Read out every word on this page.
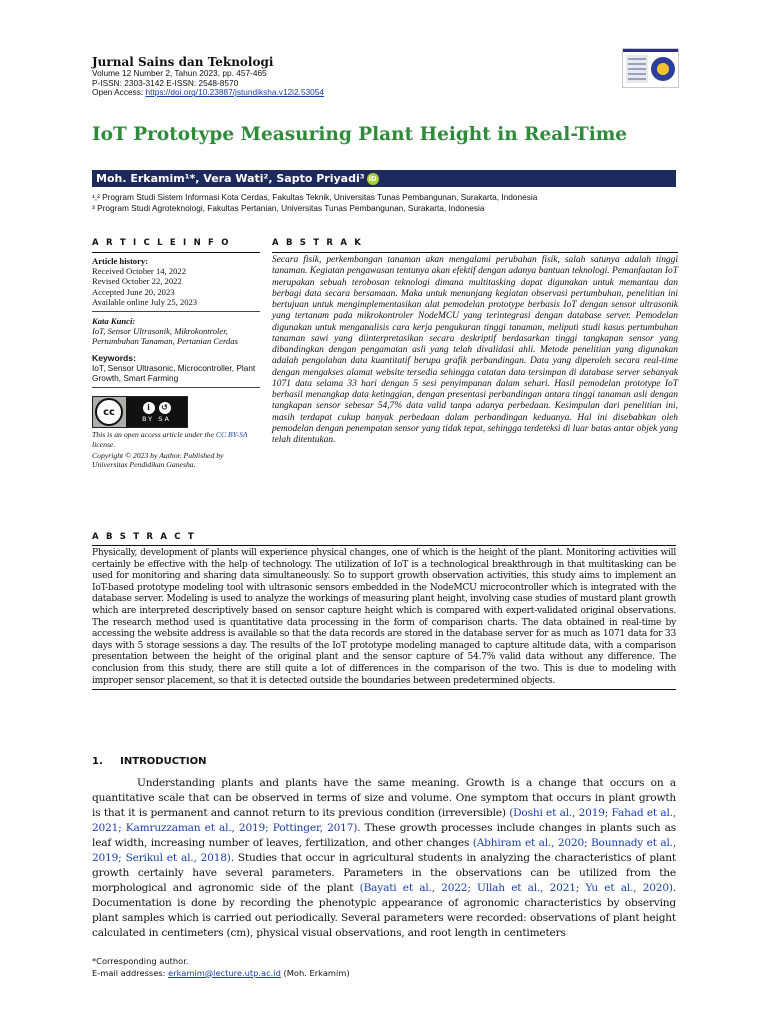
Jurnal Sains dan Teknologi
Volume 12 Number 2, Tahun 2023, pp. 457-465
P-ISSN: 2303-3142 E-ISSN: 2548-8570
Open Access: https://doi.org/10.23887/jstundiksha.v12i2.53054
IoT Prototype Measuring Plant Height in Real-Time
Moh. Erkamim¹*, Vera Wati², Sapto Priyadi³ iD
¹,² Program Studi Sistem Informasi Kota Cerdas, Fakultas Teknik, Universitas Tunas Pembangunan, Surakarta, Indonesia
³ Program Studi Agroteknologi, Fakultas Pertanian, Universitas Tunas Pembangunan, Surakarta, Indonesia
A R T I C L E I N F O
Article history:
Received October 14, 2022
Revised October 22, 2022
Accepted June 20, 2023
Available online July 25, 2023
Kata Kunci:
IoT, Sensor Ultrasonik, Mikrokontroler, Pertumbuhan Tanaman, Pertanian Cerdas
Keywords:
IoT, Sensor Ultrasonic, Microcontroller, Plant Growth, Smart Farming
cc	i	↺
BY SA
This is an open access article under the CC BY-SA license.
Copyright © 2023 by Author. Published by Universitas Pendidikan Ganesha.
A B S T R A K
Secara fisik, perkembangan tanaman akan mengalami perubahan fisik, salah satunya adalah tinggi tanaman. Kegiatan pengawasan tentunya akan efektif dengan adanya bantuan teknologi. Pemanfaatan IoT merupakan sebuah terobosan teknologi dimana multitasking dapat digunakan untuk memantau dan berbagi data secara bersamaan. Maka untuk menunjang kegiatan observasi pertumbuhan, penelitian ini bertujuan untuk mengimplementasikan alat pemodelan prototype berbasis IoT dengan sensor ultrasonik yang tertanam pada mikrokontroler NodeMCU yang terintegrasi dengan database server. Pemodelan digunakan untuk menganalisis cara kerja pengukuran tinggi tanaman, meliputi studi kasus pertumbuhan tanaman sawi yang diinterpretasikan secara deskriptif berdasarkan tinggi tangkapan sensor yang dibandingkan dengan pengamatan asli yang telah divalidasi ahli. Metode penelitian yang digunakan adalah pengolahan data kuantitatif berupa grafik perbandingan. Data yang diperoleh secara real-time dengan mengakses alamat website tersedia sehingga catatan data tersimpan di database server sebanyak 1071 data selama 33 hari dengan 5 sesi penyimpanan dalam sehari. Hasil pemodelan prototype IoT berhasil menangkap data ketinggian, dengan presentasi perbandingan antara tinggi tanaman asli dengan tangkapan sensor sebesar 54,7% data valid tanpa adanya perbedaan. Kesimpulan dari penelitian ini, masih terdapat cukup banyak perbedaan dalam perbandingan keduanya. Hal ini disebabkan oleh pemodelan dengan penempatan sensor yang tidak tepat, sehingga terdeteksi di luar batas antar objek yang telah ditentukan.
A B S T R A C T
Physically, development of plants will experience physical changes, one of which is the height of the plant. Monitoring activities will certainly be effective with the help of technology. The utilization of IoT is a technological breakthrough in that multitasking can be used for monitoring and sharing data simultaneously. So to support growth observation activities, this study aims to implement an IoT-based prototype modeling tool with ultrasonic sensors embedded in the NodeMCU microcontroller which is integrated with the database server. Modeling is used to analyze the workings of measuring plant height, involving case studies of mustard plant growth which are interpreted descriptively based on sensor capture height which is compared with expert-validated original observations. The research method used is quantitative data processing in the form of comparison charts. The data obtained in real-time by accessing the website address is available so that the data records are stored in the database server for as much as 1071 data for 33 days with 5 storage sessions a day. The results of the IoT prototype modeling managed to capture altitude data, with a comparison presentation between the height of the original plant and the sensor capture of 54.7% valid data without any difference. The conclusion from this study, there are still quite a lot of differences in the comparison of the two. This is due to modeling with improper sensor placement, so that it is detected outside the boundaries between predetermined objects.
1.     INTRODUCTION
Understanding plants and plants have the same meaning. Growth is a change that occurs on a quantitative scale that can be observed in terms of size and volume. One symptom that occurs in plant growth is that it is permanent and cannot return to its previous condition (irreversible) (Doshi et al., 2019; Fahad et al., 2021; Kamruzzaman et al., 2019; Pottinger, 2017). These growth processes include changes in plants such as leaf width, increasing number of leaves, fertilization, and other changes (Abhiram et al., 2020; Bounnady et al., 2019; Serikul et al., 2018). Studies that occur in agricultural students in analyzing the characteristics of plant growth certainly have several parameters. Parameters in the observations can be utilized from the morphological and agronomic side of the plant (Bayati et al., 2022; Ullah et al., 2021; Yu et al., 2020). Documentation is done by recording the phenotypic appearance of agronomic characteristics by observing plant samples which is carried out periodically. Several parameters were recorded: observations of plant height calculated in centimeters (cm), physical visual observations, and root length in centimeters
*Corresponding author.
E-mail addresses: erkamim@lecture.utp.ac.id (Moh. Erkamim)
